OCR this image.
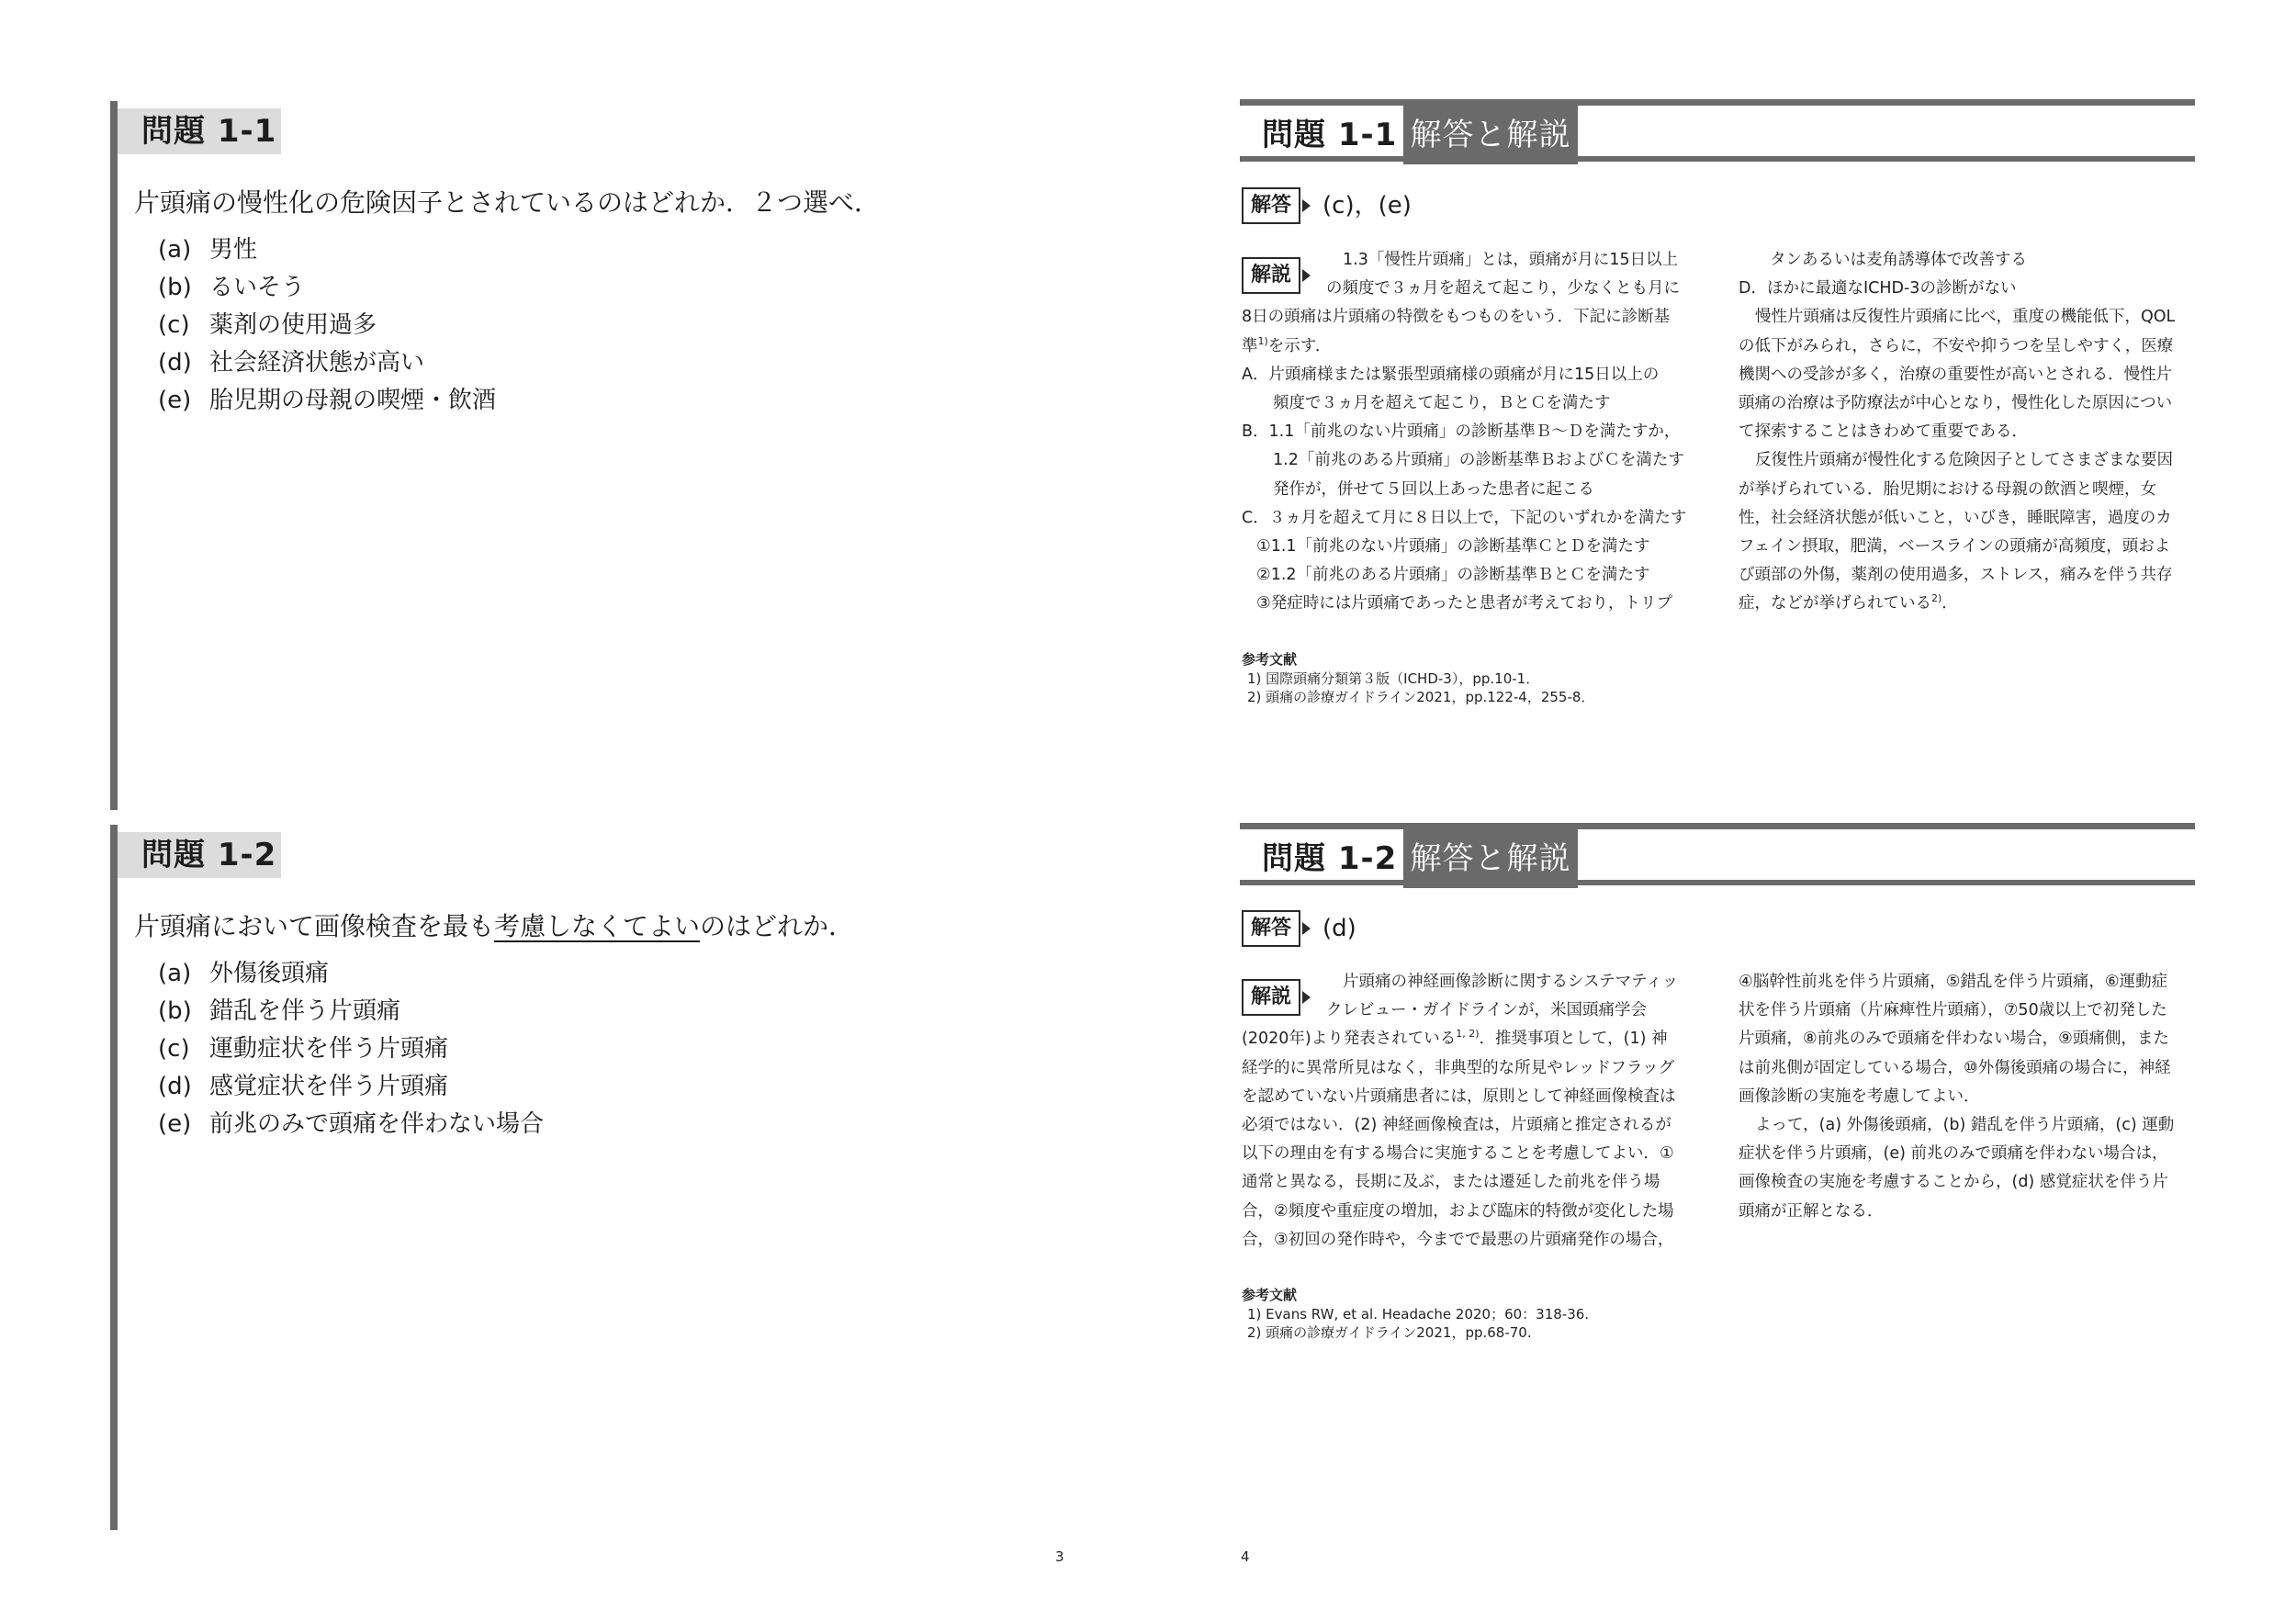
問題 1-1
片頭痛の慢性化の危険因子とされているのはどれか．２つ選べ．
(a) 男性
(b) るいそう
(c) 薬剤の使用過多
(d) 社会経済状態が高い
(e) 胎児期の母親の喫煙・飲酒
問題 1-2
片頭痛において画像検査を最も考慮しなくてよいのはどれか．
(a) 外傷後頭痛
(b) 錯乱を伴う片頭痛
(c) 運動症状を伴う片頭痛
(d) 感覚症状を伴う片頭痛
(e) 前兆のみで頭痛を伴わない場合
3
問題 1-1 解答と解説
解答	(c)，(e)
解説

1.3「慢性片頭痛」とは，頭痛が月に15日以上

の頻度で３ヵ月を超えて起こり，少なくとも月に

8日の頭痛は片頭痛の特徴をもつものをいう．下記に診断基

準$^{1)}$を示す．

A．片頭痛様または緊張型頭痛様の頭痛が月に15日以上の

頻度で３ヵ月を超えて起こり，ＢとＣを満たす

B．1.1「前兆のない片頭痛」の診断基準Ｂ～Ｄを満たすか，

1.2「前兆のある片頭痛」の診断基準ＢおよびＣを満たす

発作が，併せて５回以上あった患者に起こる

C．３ヵ月を超えて月に８日以上で，下記のいずれかを満たす

①1.1「前兆のない片頭痛」の診断基準ＣとＤを満たす

②1.2「前兆のある片頭痛」の診断基準ＢとＣを満たす

③発症時には片頭痛であったと患者が考えており，トリプ

タンあるいは麦角誘導体で改善する

D．ほかに最適なICHD-3の診断がない

慢性片頭痛は反復性片頭痛に比べ，重度の機能低下，QOL

の低下がみられ，さらに，不安や抑うつを呈しやすく，医療

機関への受診が多く，治療の重要性が高いとされる．慢性片

頭痛の治療は予防療法が中心となり，慢性化した原因につい

て探索することはきわめて重要である．

反復性片頭痛が慢性化する危険因子としてさまざまな要因

が挙げられている．胎児期における母親の飲酒と喫煙，女

性，社会経済状態が低いこと，いびき，睡眠障害，過度のカ

フェイン摂取，肥満，ベースラインの頭痛が高頻度，頭およ

び頭部の外傷，薬剤の使用過多，ストレス，痛みを伴う共存

症，などが挙げられている$^{2)}$．

参考文献

1) 国際頭痛分類第３版（ICHD-3），pp.10-1．

2) 頭痛の診療ガイドライン2021，pp.122-4，255-8．

問題 1-2 解答と解説
解答	(d)
解説

片頭痛の神経画像診断に関するシステマティッ

クレビュー・ガイドラインが，米国頭痛学会

(2020年)より発表されている$^{1, 2)}$．推奨事項として，(1) 神

経学的に異常所見はなく，非典型的な所見やレッドフラッグ

を認めていない片頭痛患者には，原則として神経画像検査は

必須ではない．(2) 神経画像検査は，片頭痛と推定されるが

以下の理由を有する場合に実施することを考慮してよい．①

通常と異なる，長期に及ぶ，または遷延した前兆を伴う場

合，②頻度や重症度の増加，および臨床的特徴が変化した場

合，③初回の発作時や，今までで最悪の片頭痛発作の場合，

④脳幹性前兆を伴う片頭痛，⑤錯乱を伴う片頭痛，⑥運動症

状を伴う片頭痛（片麻痺性片頭痛），⑦50歳以上で初発した

片頭痛，⑧前兆のみで頭痛を伴わない場合，⑨頭痛側，また

は前兆側が固定している場合，⑩外傷後頭痛の場合に，神経

画像診断の実施を考慮してよい．

よって，(a) 外傷後頭痛，(b) 錯乱を伴う片頭痛，(c) 運動

症状を伴う片頭痛，(e) 前兆のみで頭痛を伴わない場合は，

画像検査の実施を考慮することから，(d) 感覚症状を伴う片

頭痛が正解となる．

参考文献

1) Evans RW, et al. Headache 2020；60：318-36.

2) 頭痛の診療ガイドライン2021，pp.68-70.

4
